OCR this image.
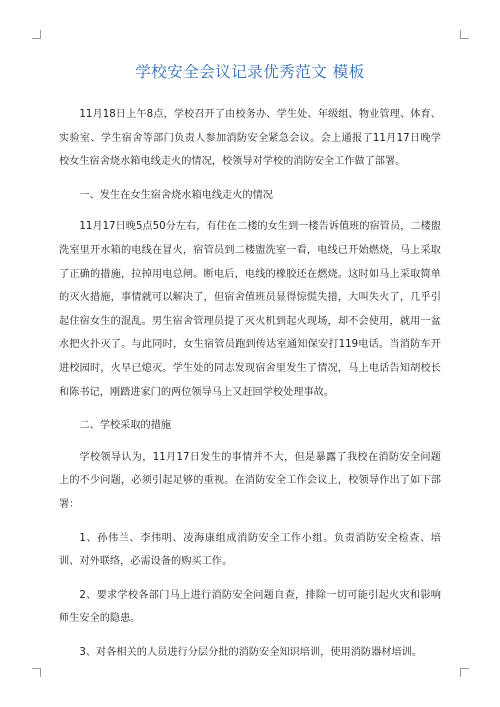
学校安全会议记录优秀范文 模板

11月18日上午8点，学校召开了由校务办、学生处、年级组、物业管理、体育、实验室、学生宿舍等部门负责人参加消防安全紧急会议。会上通报了11月17日晚学校女生宿舍烧水箱电线走火的情况，校领导对学校的消防安全工作做了部署。

一、发生在女生宿舍烧水箱电线走火的情况

11月17日晚5点50分左右，有住在二楼的女生到一楼告诉值班的宿管员，二楼盥洗室里开水箱的电线在冒火，宿管员到二楼盥洗室一看，电线已开始燃烧，马上采取了正确的措施，拉掉用电总闸。断电后，电线的橡胶还在燃烧。这时如马上采取简单的灭火措施，事情就可以解决了，但宿舍值班员显得惊慌失措，大叫失火了，几乎引起住宿女生的混乱。男生宿舍管理员提了灭火机到起火现场，却不会使用，就用一盆水把火扑灭了。与此同时，女生宿管员跑到传达室通知保安打119电话。当消防车开进校园时，火早已熄灭。学生处的同志发现宿舍里发生了情况，马上电话告知胡校长和陈书记，刚踏进家门的两位领导马上又赶回学校处理事故。

二、学校采取的措施

学校领导认为，11月17日发生的事情并不大，但是暴露了我校在消防安全问题上的不少问题，必须引起足够的重视。在消防安全工作会议上，校领导作出了如下部署：

1、孙伟兰、李伟明、凌海康组成消防安全工作小组。负责消防安全检查、培训、对外联络，必需设备的购买工作。

2、要求学校各部门马上进行消防安全问题自查，排除一切可能引起火灾和影响师生安全的隐患。

3、对各相关的人员进行分层分批的消防安全知识培训，使用消防器材培训。
